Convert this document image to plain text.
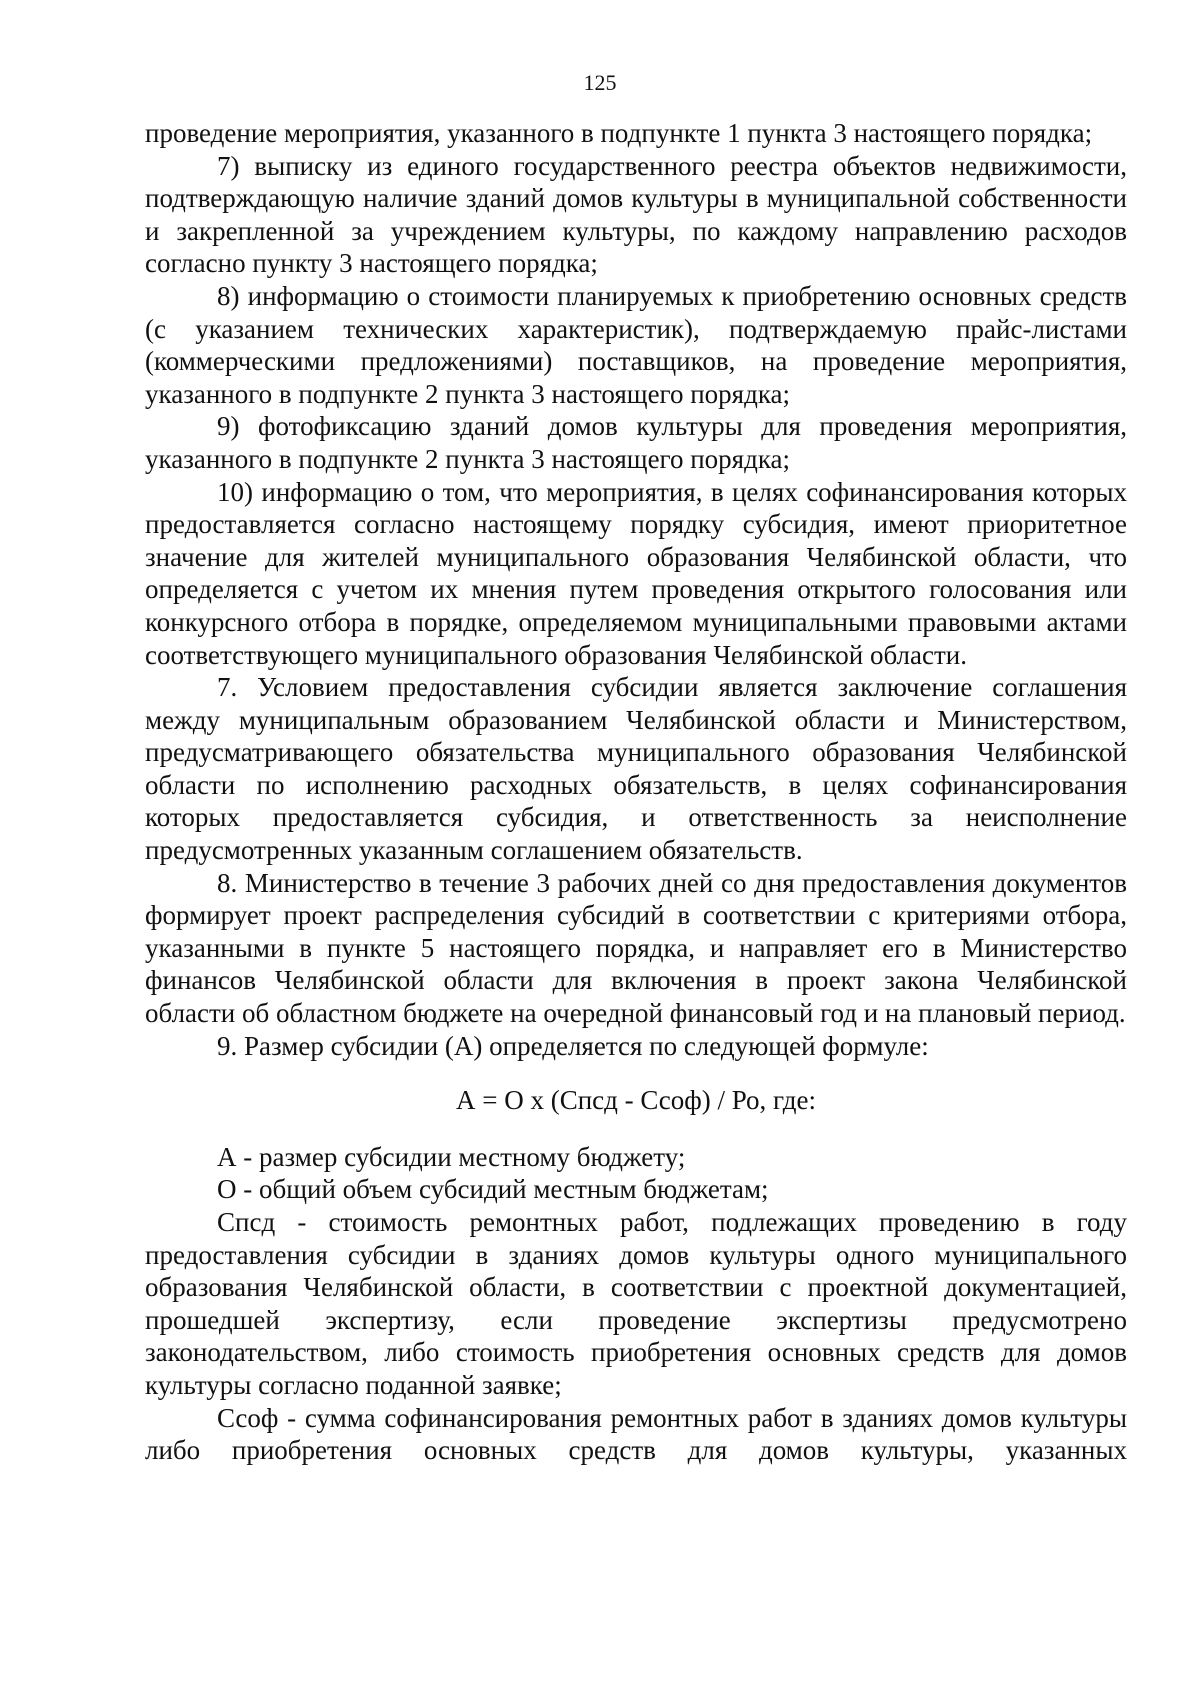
125

проведение мероприятия, указанного в подпункте 1 пункта 3 настоящего порядка;

7) выписку из единого государственного реестра объектов недвижимости, подтверждающую наличие зданий домов культуры в муниципальной собственности и закрепленной за учреждением культуры, по каждому направлению расходов согласно пункту 3 настоящего порядка;

8) информацию о стоимости планируемых к приобретению основных средств (с указанием технических характеристик), подтверждаемую прайс-листами (коммерческими предложениями) поставщиков, на проведение мероприятия, указанного в подпункте 2 пункта 3 настоящего порядка;

9) фотофиксацию зданий домов культуры для проведения мероприятия, указанного в подпункте 2 пункта 3 настоящего порядка;

10) информацию о том, что мероприятия, в целях софинансирования которых предоставляется согласно настоящему порядку субсидия, имеют приоритетное значение для жителей муниципального образования Челябинской области, что определяется с учетом их мнения путем проведения открытого голосования или конкурсного отбора в порядке, определяемом муниципальными правовыми актами соответствующего муниципального образования Челябинской области.

7. Условием предоставления субсидии является заключение соглашения между муниципальным образованием Челябинской области и Министерством, предусматривающего обязательства муниципального образования Челябинской области по исполнению расходных обязательств, в целях софинансирования которых предоставляется субсидия, и ответственность за неисполнение предусмотренных указанным соглашением обязательств.

8. Министерство в течение 3 рабочих дней со дня предоставления документов формирует проект распределения субсидий в соответствии с критериями отбора, указанными в пункте 5 настоящего порядка, и направляет его в Министерство финансов Челябинской области для включения в проект закона Челябинской области об областном бюджете на очередной финансовый год и на плановый период.

9. Размер субсидии (А) определяется по следующей формуле:

А = О х (Спсд - Ссоф) / Ро, где:

А - размер субсидии местному бюджету;

О - общий объем субсидий местным бюджетам;

Спсд - стоимость ремонтных работ, подлежащих проведению в году предоставления субсидии в зданиях домов культуры одного муниципального образования Челябинской области, в соответствии с проектной документацией, прошедшей экспертизу, если проведение экспертизы предусмотрено законодательством, либо стоимость приобретения основных средств для домов культуры согласно поданной заявке;

Ссоф - сумма софинансирования ремонтных работ в зданиях домов культуры либо приобретения основных средств для домов культуры, указанных
